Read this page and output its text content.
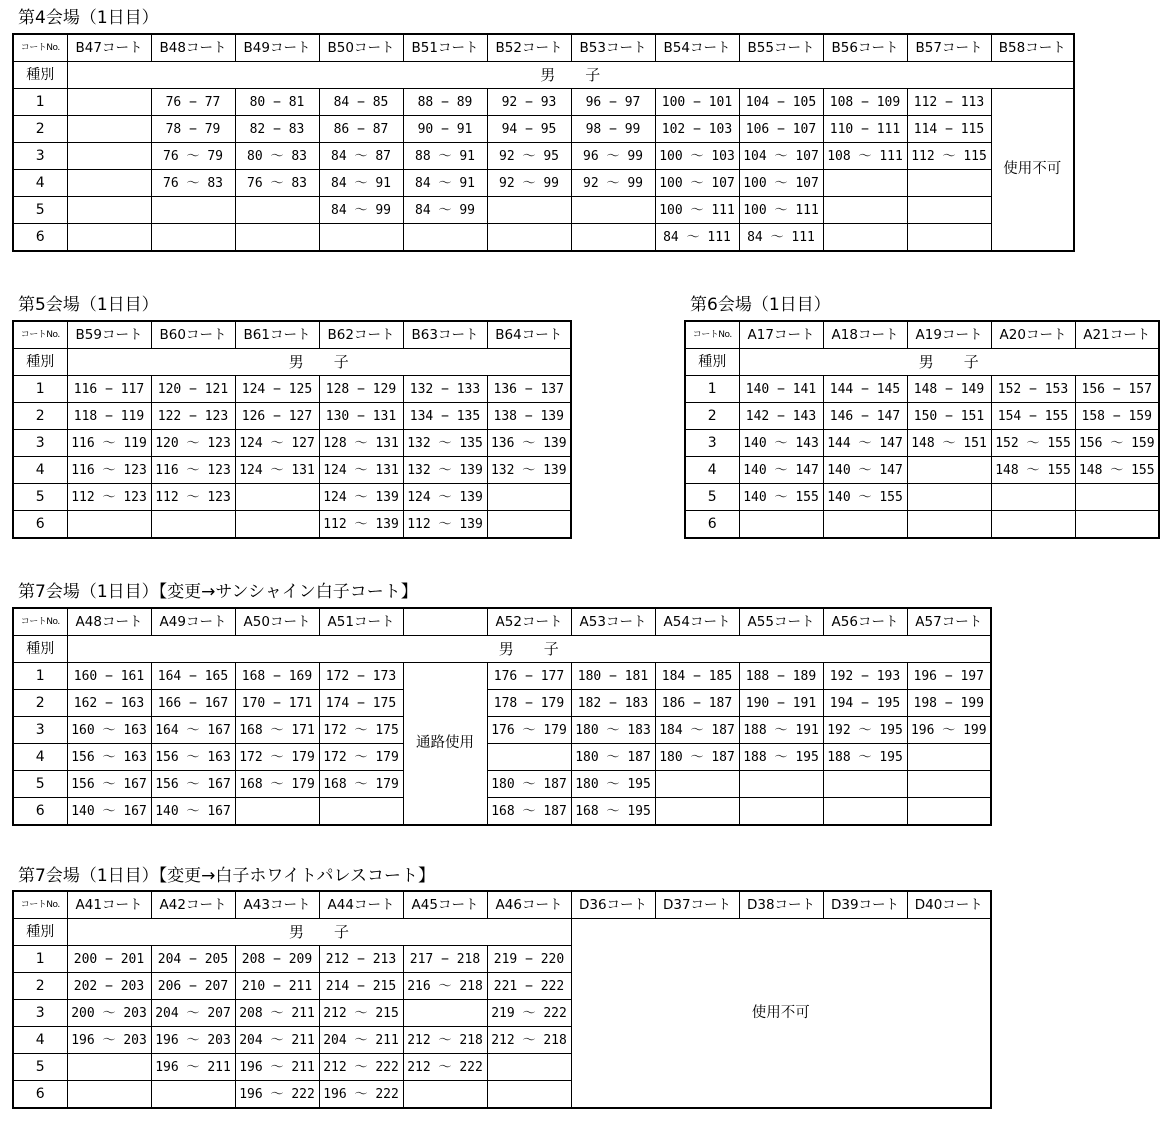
第4会場（1日目）
コートNo.	B47コート	B48コート	B49コート	B50コート	B51コート	B52コート	B53コート	B54コート	B55コート	B56コート	B57コート	B58コート
種別	男　　子											
1		76 − 77	80 − 81	84 − 85	88 − 89	92 − 93	96 − 97	100 − 101	104 − 105	108 − 109	112 − 113	使用不可
2		78 − 79	82 − 83	86 − 87	90 − 91	94 − 95	98 − 99	102 − 103	106 − 107	110 − 111	114 − 115	
3		76 〜 79	80 〜 83	84 〜 87	88 〜 91	92 〜 95	96 〜 99	100 〜 103	104 〜 107	108 〜 111	112 〜 115	
4		76 〜 83	76 〜 83	84 〜 91	84 〜 91	92 〜 99	92 〜 99	100 〜 107	100 〜 107			
5				84 〜 99	84 〜 99			100 〜 111	100 〜 111			
6								84 〜 111	84 〜 111			
第5会場（1日目）
コートNo.	B59コート	B60コート	B61コート	B62コート	B63コート	B64コート
種別	男　　子					
1	116 − 117	120 − 121	124 − 125	128 − 129	132 − 133	136 − 137
2	118 − 119	122 − 123	126 − 127	130 − 131	134 − 135	138 − 139
3	116 〜 119	120 〜 123	124 〜 127	128 〜 131	132 〜 135	136 〜 139
4	116 〜 123	116 〜 123	124 〜 131	124 〜 131	132 〜 139	132 〜 139
5	112 〜 123	112 〜 123		124 〜 139	124 〜 139	
6				112 〜 139	112 〜 139	
第6会場（1日目）
コートNo.	A17コート	A18コート	A19コート	A20コート	A21コート
種別	男　　子				
1	140 − 141	144 − 145	148 − 149	152 − 153	156 − 157
2	142 − 143	146 − 147	150 − 151	154 − 155	158 − 159
3	140 〜 143	144 〜 147	148 〜 151	152 〜 155	156 〜 159
4	140 〜 147	140 〜 147		148 〜 155	148 〜 155
5	140 〜 155	140 〜 155			
6					
第7会場（1日目）【変更→サンシャイン白子コート】
コートNo.	A48コート	A49コート	A50コート	A51コート		A52コート	A53コート	A54コート	A55コート	A56コート	A57コート
種別	男　　子										
1	160 − 161	164 − 165	168 − 169	172 − 173	通路使用	176 − 177	180 − 181	184 − 185	188 − 189	192 − 193	196 − 197
2	162 − 163	166 − 167	170 − 171	174 − 175		178 − 179	182 − 183	186 − 187	190 − 191	194 − 195	198 − 199
3	160 〜 163	164 〜 167	168 〜 171	172 〜 175		176 〜 179	180 〜 183	184 〜 187	188 〜 191	192 〜 195	196 〜 199
4	156 〜 163	156 〜 163	172 〜 179	172 〜 179			180 〜 187	180 〜 187	188 〜 195	188 〜 195	
5	156 〜 167	156 〜 167	168 〜 179	168 〜 179		180 〜 187	180 〜 195				
6	140 〜 167	140 〜 167				168 〜 187	168 〜 195				
第7会場（1日目）【変更→白子ホワイトパレスコート】
コートNo.	A41コート	A42コート	A43コート	A44コート	A45コート	A46コート	D36コート	D37コート	D38コート	D39コート	D40コート
種別	男　　子						使用不可				
1	200 − 201	204 − 205	208 − 209	212 − 213	217 − 218	219 − 220					
2	202 − 203	206 − 207	210 − 211	214 − 215	216 〜 218	221 − 222					
3	200 〜 203	204 〜 207	208 〜 211	212 〜 215		219 〜 222					
4	196 〜 203	196 〜 203	204 〜 211	204 〜 211	212 〜 218	212 〜 218					
5		196 〜 211	196 〜 211	212 〜 222	212 〜 222						
6			196 〜 222	196 〜 222							
